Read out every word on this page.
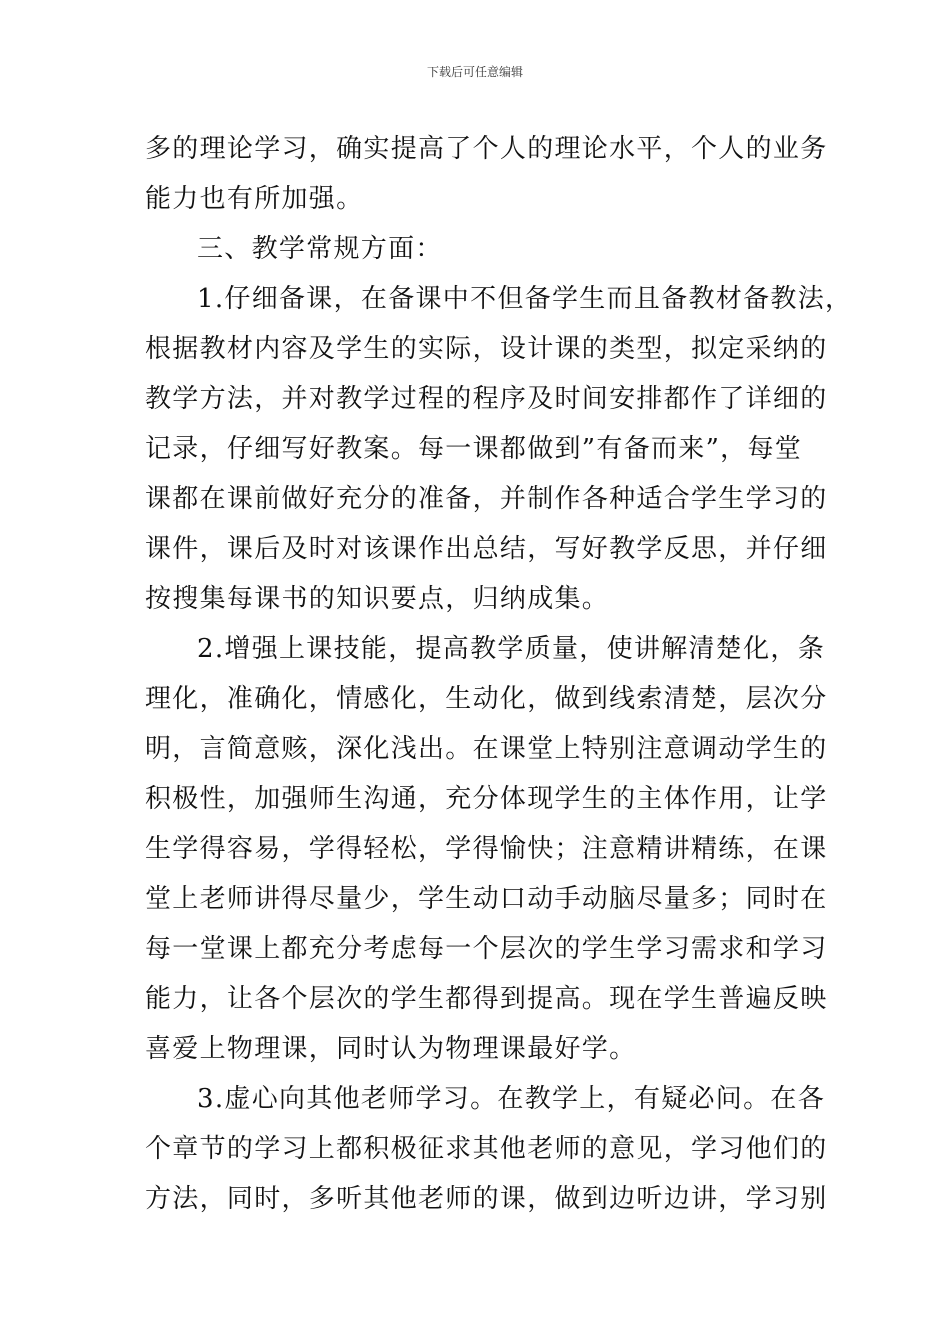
下载后可任意编辑
多的理论学习，确实提高了个人的理论水平，个人的业务
能力也有所加强。
三、教学常规方面：
1.仔细备课，在备课中不但备学生而且备教材备教法，
根据教材内容及学生的实际，设计课的类型，拟定采纳的
教学方法，并对教学过程的程序及时间安排都作了详细的
记录，仔细写好教案。每一课都做到”有备而来”，每堂
课都在课前做好充分的准备，并制作各种适合学生学习的
课件，课后及时对该课作出总结，写好教学反思，并仔细
按搜集每课书的知识要点，归纳成集。
2.增强上课技能，提高教学质量，使讲解清楚化，条
理化，准确化，情感化，生动化，做到线索清楚，层次分
明，言简意赅，深化浅出。在课堂上特别注意调动学生的
积极性，加强师生沟通，充分体现学生的主体作用，让学
生学得容易，学得轻松，学得愉快；注意精讲精练，在课
堂上老师讲得尽量少，学生动口动手动脑尽量多；同时在
每一堂课上都充分考虑每一个层次的学生学习需求和学习
能力，让各个层次的学生都得到提高。现在学生普遍反映
喜爱上物理课，同时认为物理课最好学。
3.虚心向其他老师学习。在教学上，有疑必问。在各
个章节的学习上都积极征求其他老师的意见，学习他们的
方法，同时，多听其他老师的课，做到边听边讲，学习别
